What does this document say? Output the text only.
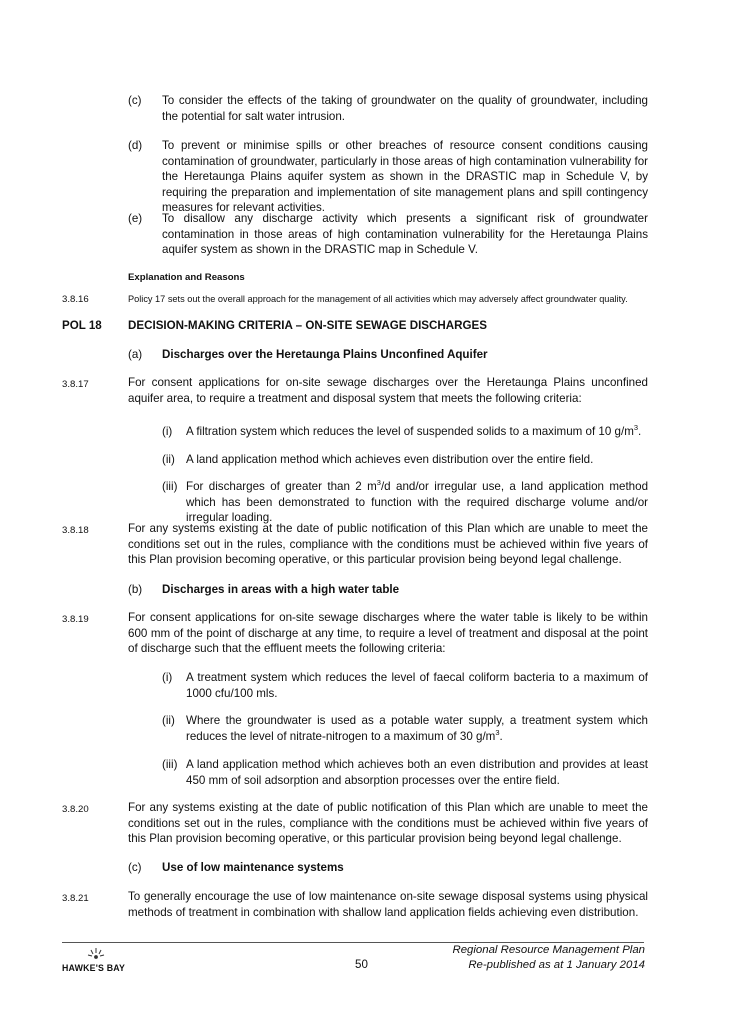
(c) To consider the effects of the taking of groundwater on the quality of groundwater, including the potential for salt water intrusion.
(d) To prevent or minimise spills or other breaches of resource consent conditions causing contamination of groundwater, particularly in those areas of high contamination vulnerability for the Heretaunga Plains aquifer system as shown in the DRASTIC map in Schedule V, by requiring the preparation and implementation of site management plans and spill contingency measures for relevant activities.
(e) To disallow any discharge activity which presents a significant risk of groundwater contamination in those areas of high contamination vulnerability for the Heretaunga Plains aquifer system as shown in the DRASTIC map in Schedule V.
Explanation and Reasons
3.8.16	Policy 17 sets out the overall approach for the management of all activities which may adversely affect groundwater quality.
POL 18 DECISION-MAKING CRITERIA – ON-SITE SEWAGE DISCHARGES
(a) Discharges over the Heretaunga Plains Unconfined Aquifer
3.8.17	For consent applications for on-site sewage discharges over the Heretaunga Plains unconfined aquifer area, to require a treatment and disposal system that meets the following criteria:
(i) A filtration system which reduces the level of suspended solids to a maximum of 10 $g/m^3$.
(ii) A land application method which achieves even distribution over the entire field.
(iii) For discharges of greater than 2 $m^3/d$ and/or irregular use, a land application method which has been demonstrated to function with the required discharge volume and/or irregular loading.
3.8.18	For any systems existing at the date of public notification of this Plan which are unable to meet the conditions set out in the rules, compliance with the conditions must be achieved within five years of this Plan provision becoming operative, or this particular provision being beyond legal challenge.
(b) Discharges in areas with a high water table
3.8.19	For consent applications for on-site sewage discharges where the water table is likely to be within 600 mm of the point of discharge at any time, to require a level of treatment and disposal at the point of discharge such that the effluent meets the following criteria:
(i) A treatment system which reduces the level of faecal coliform bacteria to a maximum of 1000 cfu/100 mls.
(ii) Where the groundwater is used as a potable water supply, a treatment system which reduces the level of nitrate-nitrogen to a maximum of 30 $g/m^3$.
(iii) A land application method which achieves both an even distribution and provides at least 450 mm of soil adsorption and absorption processes over the entire field.
3.8.20	For any systems existing at the date of public notification of this Plan which are unable to meet the conditions set out in the rules, compliance with the conditions must be achieved within five years of this Plan provision becoming operative, or this particular provision being beyond legal challenge.
(c) Use of low maintenance systems
3.8.21	To generally encourage the use of low maintenance on-site sewage disposal systems using physical methods of treatment in combination with shallow land application fields achieving even distribution.
HAWKE'S BAY	50
Regional Resource Management Plan
Re-published as at 1 January 2014
